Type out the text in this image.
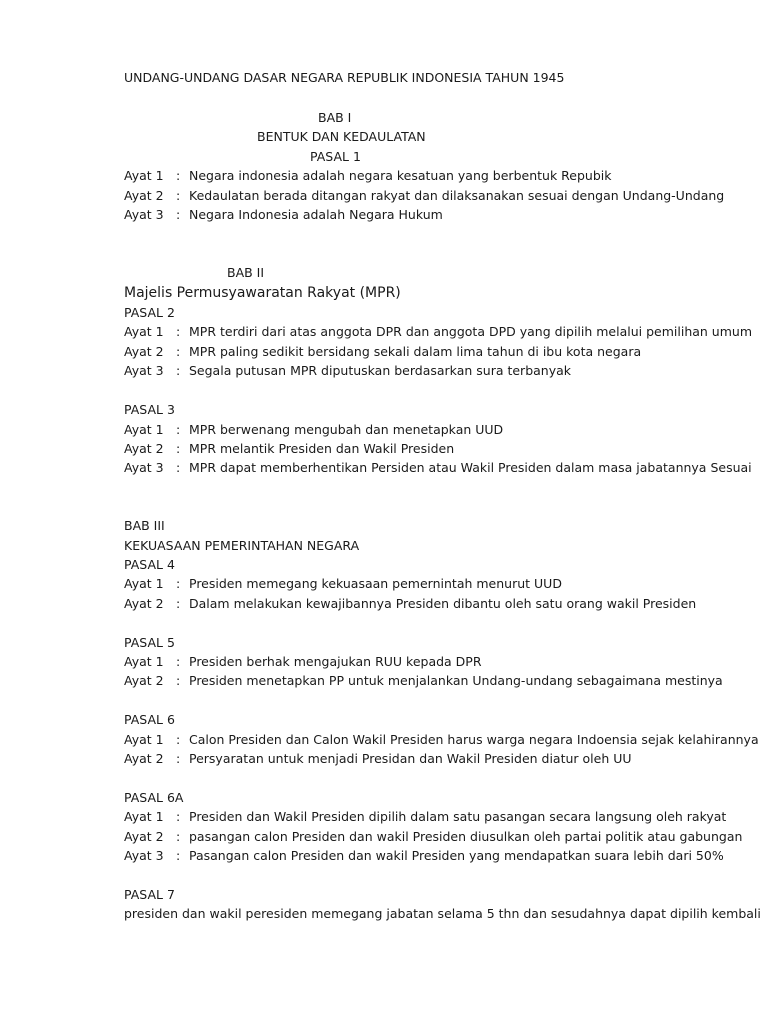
UNDANG-UNDANG DASAR NEGARA REPUBLIK INDONESIA TAHUN 1945
BAB I
BENTUK DAN KEDAULATAN
PASAL 1
Ayat 1 : Negara indonesia adalah negara kesatuan yang berbentuk Repubik
Ayat 2 : Kedaulatan berada ditangan rakyat dan dilaksanakan sesuai dengan Undang-Undang
Ayat 3 : Negara Indonesia adalah Negara Hukum
BAB II
Majelis Permusyawaratan Rakyat (MPR)
PASAL 2
Ayat 1 : MPR terdiri dari atas anggota DPR dan anggota DPD yang dipilih melalui pemilihan umum
Ayat 2 : MPR paling sedikit bersidang sekali dalam lima tahun di ibu kota negara
Ayat 3 : Segala putusan MPR diputuskan berdasarkan sura terbanyak
PASAL 3
Ayat 1 : MPR berwenang mengubah dan menetapkan UUD
Ayat 2 : MPR melantik Presiden dan Wakil Presiden
Ayat 3 : MPR dapat memberhentikan Persiden atau Wakil Presiden dalam masa jabatannya Sesuai
BAB III
KEKUASAAN PEMERINTAHAN NEGARA
PASAL 4
Ayat 1 : Presiden memegang kekuasaan pemernintah menurut UUD
Ayat 2 : Dalam melakukan kewajibannya Presiden dibantu oleh satu orang wakil Presiden
PASAL 5
Ayat 1 : Presiden berhak mengajukan RUU kepada DPR
Ayat 2 : Presiden menetapkan PP untuk menjalankan Undang-undang sebagaimana mestinya
PASAL 6
Ayat 1 : Calon Presiden dan Calon Wakil Presiden harus warga negara Indoensia sejak kelahirannya
Ayat 2 : Persyaratan untuk menjadi Presidan dan Wakil Presiden diatur oleh UU
PASAL 6A
Ayat 1 : Presiden dan Wakil Presiden dipilih dalam satu pasangan secara langsung oleh rakyat
Ayat 2 : pasangan calon Presiden dan wakil Presiden diusulkan oleh partai politik atau gabungan
Ayat 3 : Pasangan calon Presiden dan wakil Presiden yang mendapatkan suara lebih dari 50%
PASAL 7
presiden dan wakil peresiden memegang jabatan selama 5 thn dan sesudahnya dapat dipilih kembali
